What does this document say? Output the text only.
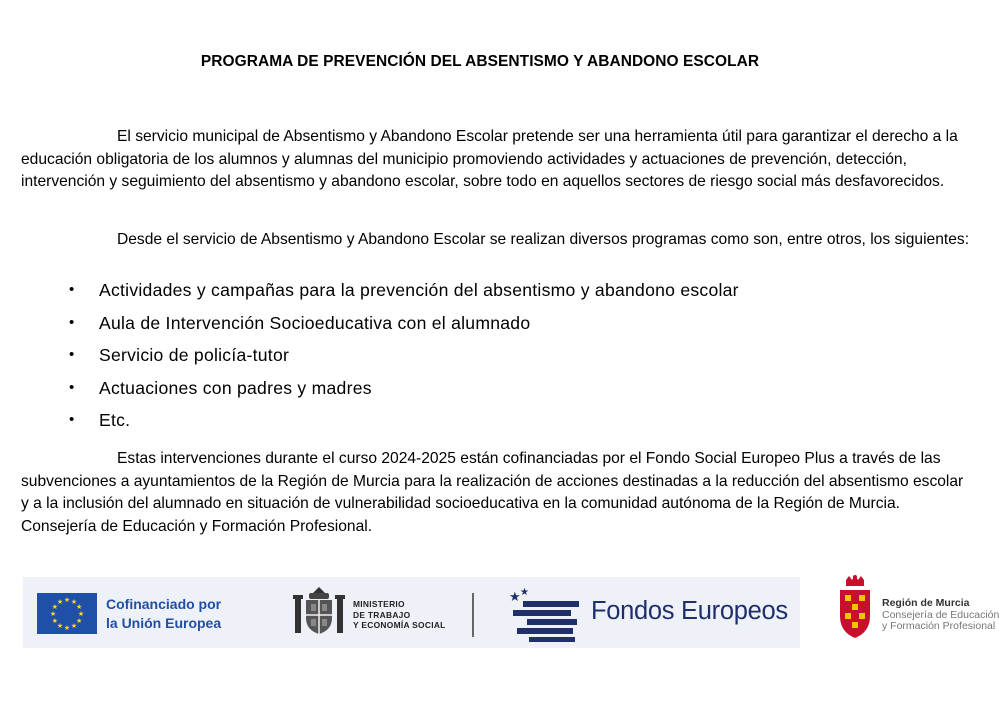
PROGRAMA DE PREVENCIÓN DEL ABSENTISMO Y ABANDONO ESCOLAR

El servicio municipal de Absentismo y Abandono Escolar pretende ser una herramienta útil para garantizar el derecho a la educación obligatoria de los alumnos y alumnas del municipio promoviendo actividades y actuaciones de prevención, detección, intervención y seguimiento del absentismo y abandono escolar, sobre todo en aquellos sectores de riesgo social más desfavorecidos.

Desde el servicio de Absentismo y Abandono Escolar se realizan diversos programas como son, entre otros, los siguientes:

• Actividades y campañas para la prevención del absentismo y abandono escolar
• Aula de Intervención Socioeducativa con el alumnado
• Servicio de policía-tutor
• Actuaciones con padres y madres
• Etc.

Estas intervenciones durante el curso 2024-2025 están cofinanciadas por el Fondo Social Europeo Plus a través de las subvenciones a ayuntamientos de la Región de Murcia para la realización de acciones destinadas a la reducción del absentismo escolar y a la inclusión del alumnado en situación de vulnerabilidad socioeducativa en la comunidad autónoma de la Región de Murcia. Consejería de Educación y Formación Profesional.

★ ★
★
★
★
★
★
★
★
★
★
★	Cofinanciado por
la Unión Europea
MINISTERIO
DE TRABAJO
Y ECONOMÍA SOCIAL
★ ★
Fondos Europeos	Región de Murcia
Consejería de Educación
y Formación Profesional
